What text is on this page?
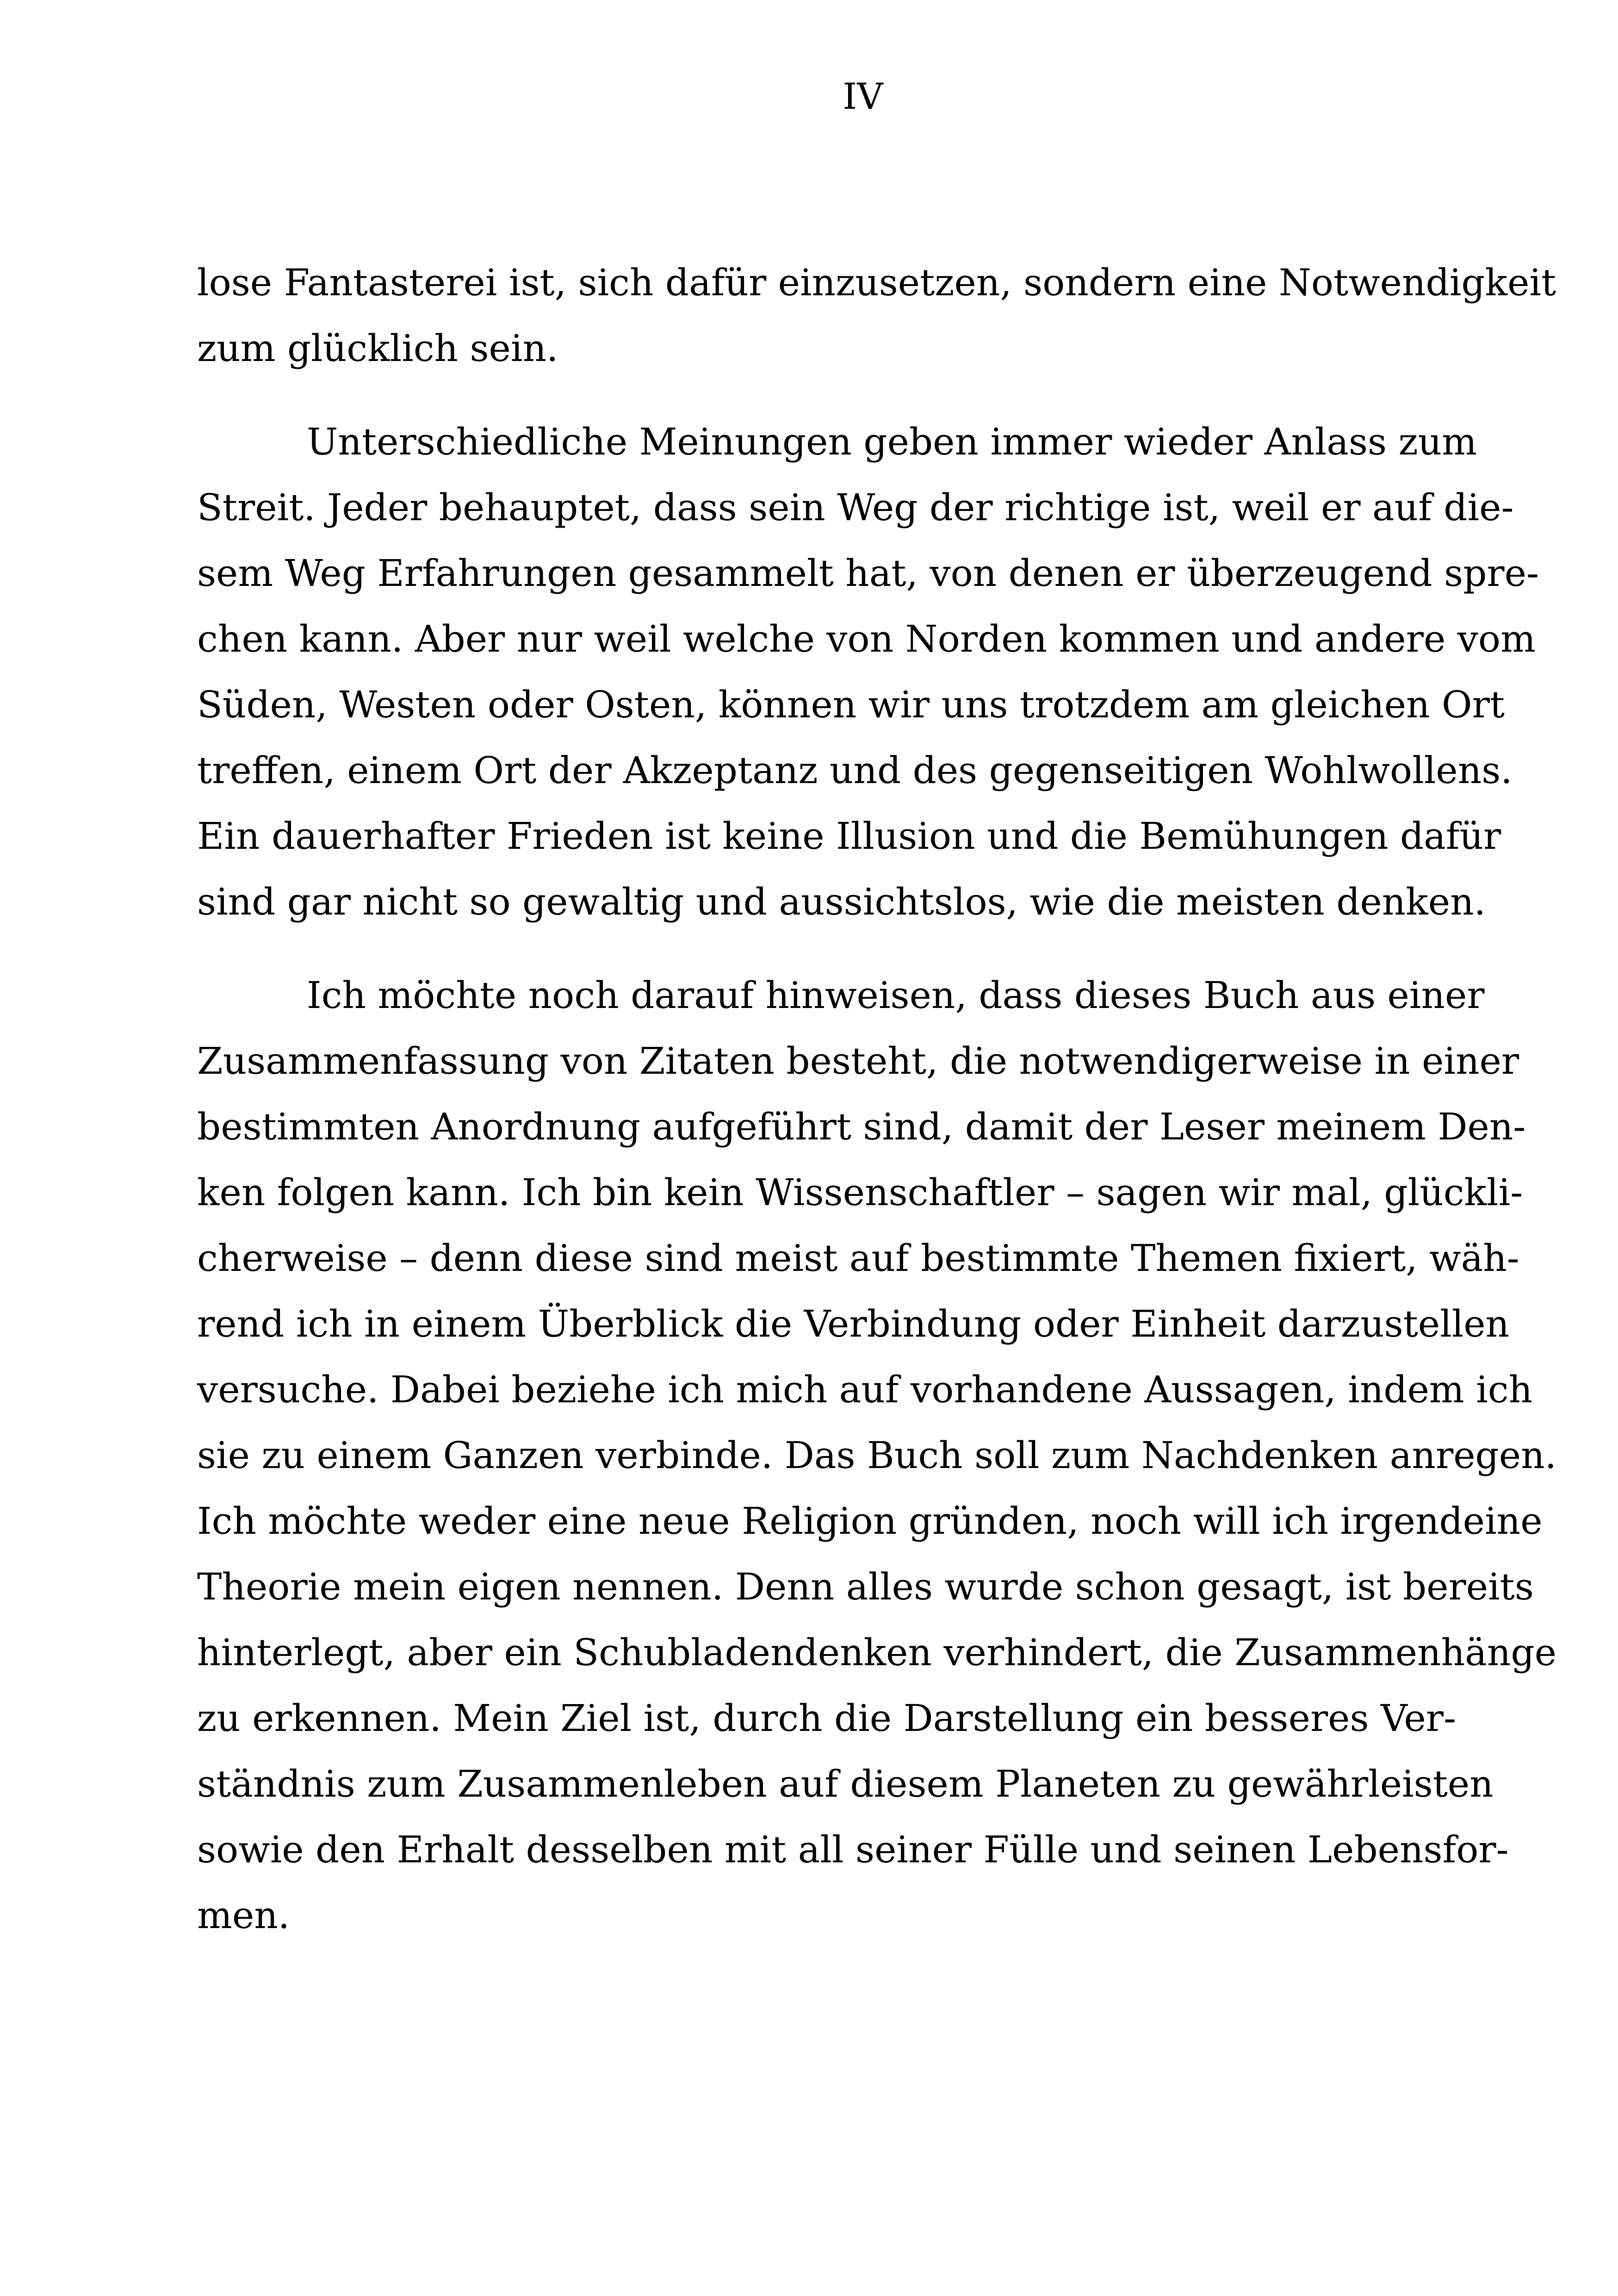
IV
lose Fantasterei ist, sich dafür einzusetzen, sondern eine Notwendigkeit
zum glücklich sein.
Unterschiedliche Meinungen geben immer wieder Anlass zum
Streit. Jeder behauptet, dass sein Weg der richtige ist, weil er auf die-
sem Weg Erfahrungen gesammelt hat, von denen er überzeugend spre-
chen kann. Aber nur weil welche von Norden kommen und andere vom
Süden, Westen oder Osten, können wir uns trotzdem am gleichen Ort
treffen, einem Ort der Akzeptanz und des gegenseitigen Wohlwollens.
Ein dauerhafter Frieden ist keine Illusion und die Bemühungen dafür
sind gar nicht so gewaltig und aussichtslos, wie die meisten denken.
Ich möchte noch darauf hinweisen, dass dieses Buch aus einer
Zusammenfassung von Zitaten besteht, die notwendigerweise in einer
bestimmten Anordnung aufgeführt sind, damit der Leser meinem Den-
ken folgen kann. Ich bin kein Wissenschaftler – sagen wir mal, glückli-
cherweise – denn diese sind meist auf bestimmte Themen fixiert, wäh-
rend ich in einem Überblick die Verbindung oder Einheit darzustellen
versuche. Dabei beziehe ich mich auf vorhandene Aussagen, indem ich
sie zu einem Ganzen verbinde. Das Buch soll zum Nachdenken anregen.
Ich möchte weder eine neue Religion gründen, noch will ich irgendeine
Theorie mein eigen nennen. Denn alles wurde schon gesagt, ist bereits
hinterlegt, aber ein Schubladendenken verhindert, die Zusammenhänge
zu erkennen. Mein Ziel ist, durch die Darstellung ein besseres Ver-
ständnis zum Zusammenleben auf diesem Planeten zu gewährleisten
sowie den Erhalt desselben mit all seiner Fülle und seinen Lebensfor-
men.
